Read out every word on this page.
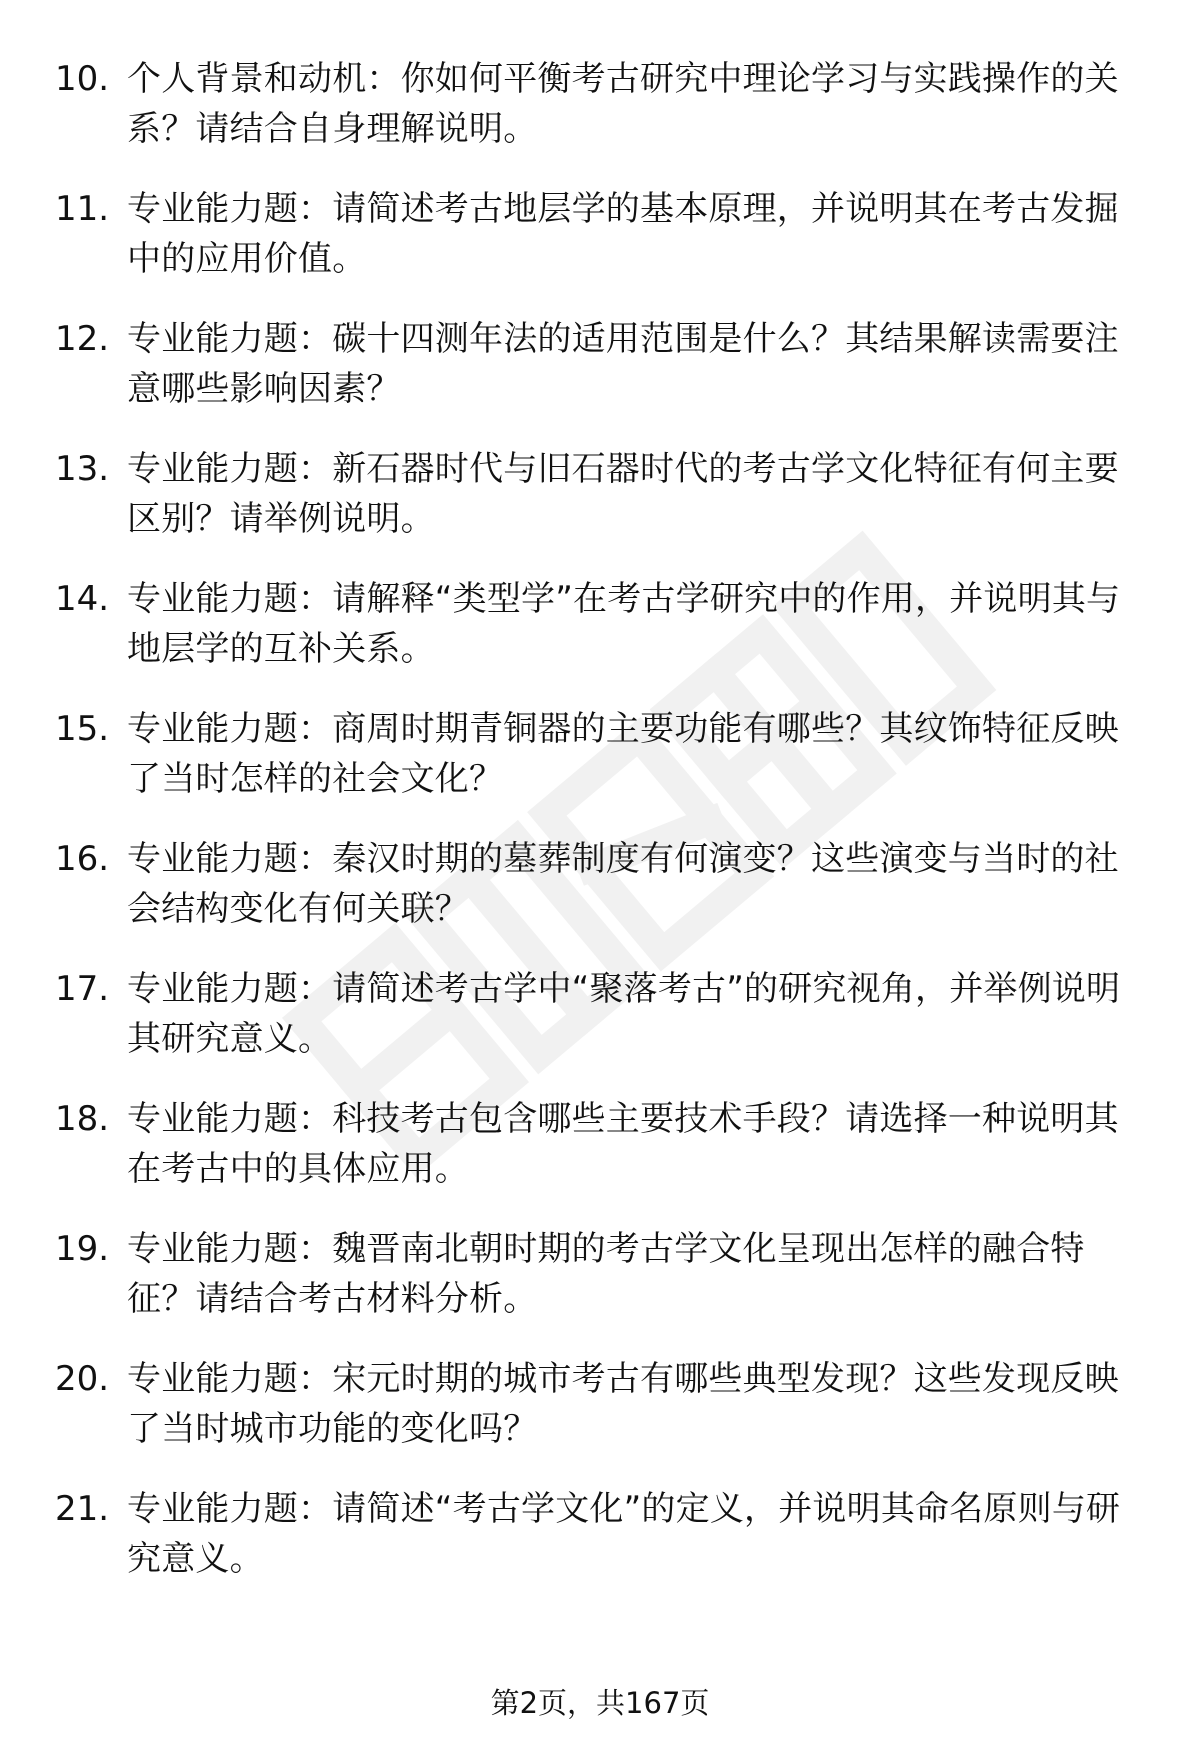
10. 个人背景和动机：你如何平衡考古研究中理论学习与实践操作的关系？请结合自身理解说明。
11. 专业能力题：请简述考古地层学的基本原理，并说明其在考古发掘中的应用价值。
12. 专业能力题：碳十四测年法的适用范围是什么？其结果解读需要注意哪些影响因素？
13. 专业能力题：新石器时代与旧石器时代的考古学文化特征有何主要区别？请举例说明。
14. 专业能力题：请解释“类型学”在考古学研究中的作用，并说明其与地层学的互补关系。
15. 专业能力题：商周时期青铜器的主要功能有哪些？其纹饰特征反映了当时怎样的社会文化？
16. 专业能力题：秦汉时期的墓葬制度有何演变？这些演变与当时的社会结构变化有何关联？
17. 专业能力题：请简述考古学中“聚落考古”的研究视角，并举例说明其研究意义。
18. 专业能力题：科技考古包含哪些主要技术手段？请选择一种说明其在考古中的具体应用。
19. 专业能力题：魏晋南北朝时期的考古学文化呈现出怎样的融合特征？请结合考古材料分析。
20. 专业能力题：宋元时期的城市考古有哪些典型发现？这些发现反映了当时城市功能的变化吗？
21. 专业能力题：请简述“考古学文化”的定义，并说明其命名原则与研究意义。
第2页，共167页
